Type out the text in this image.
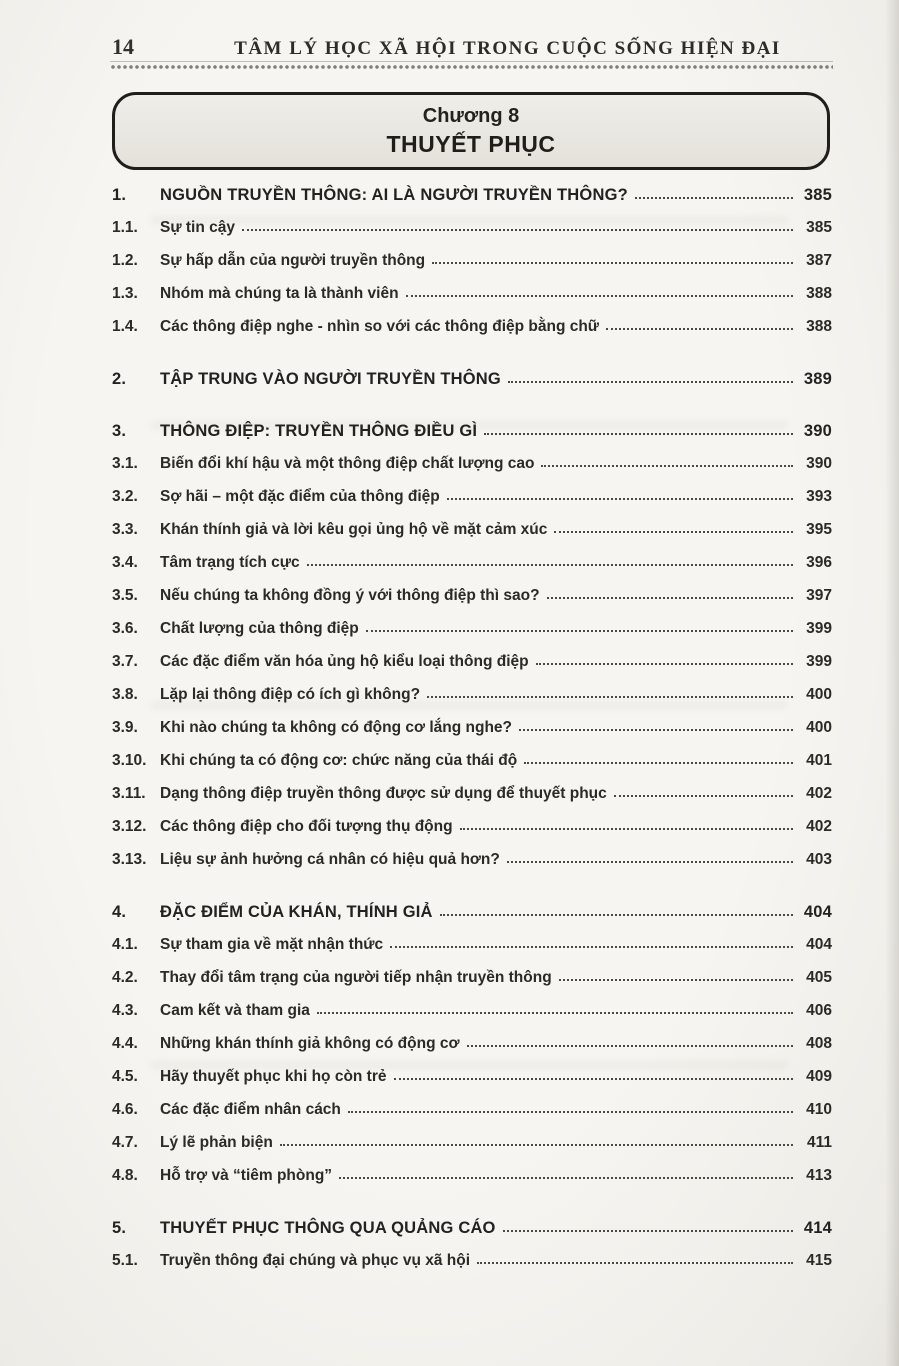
14	TÂM LÝ HỌC XÃ HỘI TRONG CUỘC SỐNG HIỆN ĐẠI
Chương 8
THUYẾT PHỤC
1.	NGUỒN TRUYỀN THÔNG: AI LÀ NGƯỜI TRUYỀN THÔNG?	385
1.1.	Sự tin cậy	385
1.2.	Sự hấp dẫn của người truyền thông	387
1.3.	Nhóm mà chúng ta là thành viên	388
1.4.	Các thông điệp nghe - nhìn so với các thông điệp bằng chữ	388
2.	TẬP TRUNG VÀO NGƯỜI TRUYỀN THÔNG	389
3.	THÔNG ĐIỆP: TRUYỀN THÔNG ĐIỀU GÌ	390
3.1.	Biến đổi khí hậu và một thông điệp chất lượng cao	390
3.2.	Sợ hãi – một đặc điểm của thông điệp	393
3.3.	Khán thính giả và lời kêu gọi ủng hộ về mặt cảm xúc	395
3.4.	Tâm trạng tích cực	396
3.5.	Nếu chúng ta không đồng ý với thông điệp thì sao?	397
3.6.	Chất lượng của thông điệp	399
3.7.	Các đặc điểm văn hóa ủng hộ kiểu loại thông điệp	399
3.8.	Lặp lại thông điệp có ích gì không?	400
3.9.	Khi nào chúng ta không có động cơ lắng nghe?	400
3.10. Khi chúng ta có động cơ: chức năng của thái độ	401
3.11. Dạng thông điệp truyền thông được sử dụng để thuyết phục	402
3.12. Các thông điệp cho đối tượng thụ động	402
3.13. Liệu sự ảnh hưởng cá nhân có hiệu quả hơn?	403
4.	ĐẶC ĐIỂM CỦA KHÁN, THÍNH GIẢ	404
4.1.	Sự tham gia về mặt nhận thức	404
4.2.	Thay đổi tâm trạng của người tiếp nhận truyền thông	405
4.3.	Cam kết và tham gia	406
4.4.	Những khán thính giả không có động cơ	408
4.5.	Hãy thuyết phục khi họ còn trẻ	409
4.6.	Các đặc điểm nhân cách	410
4.7.	Lý lẽ phản biện	411
4.8.	Hỗ trợ và “tiêm phòng”	413
5.	THUYẾT PHỤC THÔNG QUA QUẢNG CÁO	414
5.1.	Truyền thông đại chúng và phục vụ xã hội	415
